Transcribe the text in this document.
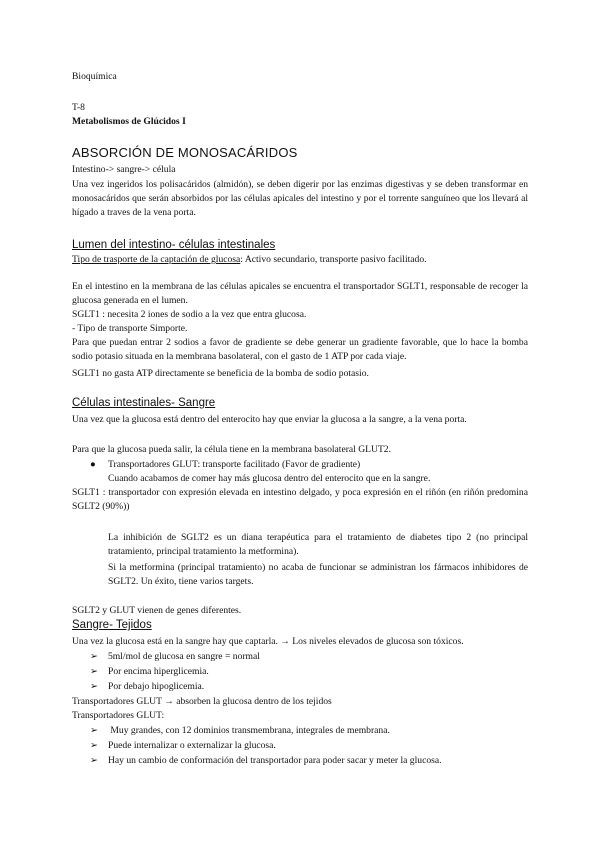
Bioquímica

T-8

Metabolismos de Glúcidos I

ABSORCIÓN DE MONOSACÁRIDOS

Intestino-> sangre-> célula

Una vez ingeridos los polisacáridos (almidón), se deben digerir por las enzimas digestivas y se deben transformar en monosacáridos que serán absorbidos por las células apicales del intestino y por el torrente sanguíneo que los llevará al hígado a traves de la vena porta.

Lumen del intestino- células intestinales

Tipo de trasporte de la captación de glucosa: Activo secundario, transporte pasivo facilitado.

En el intestino en la membrana de las células apicales se encuentra el transportador SGLT1, responsable de recoger la glucosa generada en el lumen.

SGLT1 : necesita 2 iones de sodio a la vez que entra glucosa.

- Tipo de transporte Simporte.

Para que puedan entrar 2 sodios a favor de gradiente se debe generar un gradiente favorable, que lo hace la bomba sodio potasio situada en la membrana basolateral, con el gasto de 1 ATP por cada viaje.

SGLT1 no gasta ATP directamente se beneficia de la bomba de sodio potasio.

Células intestinales- Sangre

Una vez que la glucosa está dentro del enterocito hay que enviar la glucosa a la sangre, a la vena porta.

Para que la glucosa pueda salir, la célula tiene en la membrana basolateral GLUT2.

● Transportadores GLUT: transporte facilitado (Favor de gradiente)

Cuando acabamos de comer hay más glucosa dentro del enterocito que en la sangre.

SGLT1 : transportador con expresión elevada en intestino delgado, y poca expresión en el riñón (en riñón predomina SGLT2 (90%))

La inhibición de SGLT2 es un diana terapéutica para el tratamiento de diabetes tipo 2 (no principal tratamiento, principal tratamiento la metformina).

Si la metformina (principal tratamiento) no acaba de funcionar se administran los fármacos inhibidores de SGLT2. Un éxito, tiene varios targets.

SGLT2 y GLUT vienen de genes diferentes.

Sangre- Tejidos

Una vez la glucosa está en la sangre hay que captarla. → Los niveles elevados de glucosa son tóxicos.

➢ 5ml/mol de glucosa en sangre = normal
➢ Por encima hiperglicemia.
➢ Por debajo hipoglicemia.

Transportadores GLUT → absorben la glucosa dentro de los tejidos

Transportadores GLUT:

➢ Muy grandes, con 12 dominios transmembrana, integrales de membrana.
➢ Puede internalizar o externalizar la glucosa.
➢ Hay un cambio de conformación del transportador para poder sacar y meter la glucosa.
